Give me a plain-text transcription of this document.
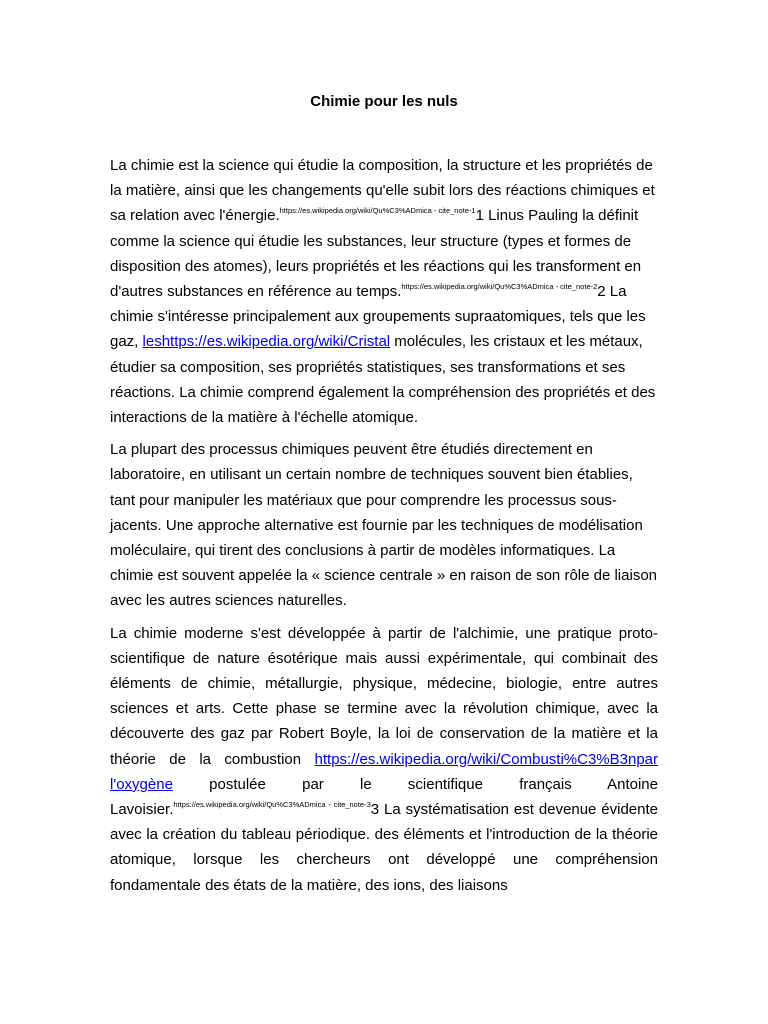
Chimie pour les nuls

La chimie est la science qui étudie la composition, la structure et les propriétés de la matière, ainsi que les changements qu'elle subit lors des réactions chimiques et sa relation avec l'énergie.$^{https://es.wikipedia.org/wiki/Qu\%C3\%ADmica - cite\_note-1}$1 Linus Pauling la définit comme la science qui étudie les substances, leur structure (types et formes de disposition des atomes), leurs propriétés et les réactions qui les transforment en d'autres substances en référence au temps.$^{https://es.wikipedia.org/wiki/Qu\%C3\%ADmica - cite\_note-2}$2 La chimie s'intéresse principalement aux groupements supraatomiques, tels que les gaz, leshttps://es.wikipedia.org/wiki/Cristal molécules, les cristaux et les métaux, étudier sa composition, ses propriétés statistiques, ses transformations et ses réactions. La chimie comprend également la compréhension des propriétés et des interactions de la matière à l'échelle atomique.

La plupart des processus chimiques peuvent être étudiés directement en laboratoire, en utilisant un certain nombre de techniques souvent bien établies, tant pour manipuler les matériaux que pour comprendre les processus sous-jacents. Une approche alternative est fournie par les techniques de modélisation moléculaire, qui tirent des conclusions à partir de modèles informatiques. La chimie est souvent appelée la « science centrale » en raison de son rôle de liaison avec les autres sciences naturelles.

La chimie moderne s'est développée à partir de l'alchimie, une pratique proto-scientifique de nature ésotérique mais aussi expérimentale, qui combinait des éléments de chimie, métallurgie, physique, médecine, biologie, entre autres sciences et arts. Cette phase se termine avec la révolution chimique, avec la découverte des gaz par Robert Boyle, la loi de conservation de la matière et la théorie de la combustion https://es.wikipedia.org/wiki/Combusti%C3%B3npar l'oxygène postulée par le scientifique français Antoine Lavoisier.$^{https://es.wikipedia.org/wiki/Qu\%C3\%ADmica - cite\_note-3}$3 La systématisation est devenue évidente avec la création du tableau périodique. des éléments et l'introduction de la théorie atomique, lorsque les chercheurs ont développé une compréhension fondamentale des états de la matière, des ions, des liaisons
